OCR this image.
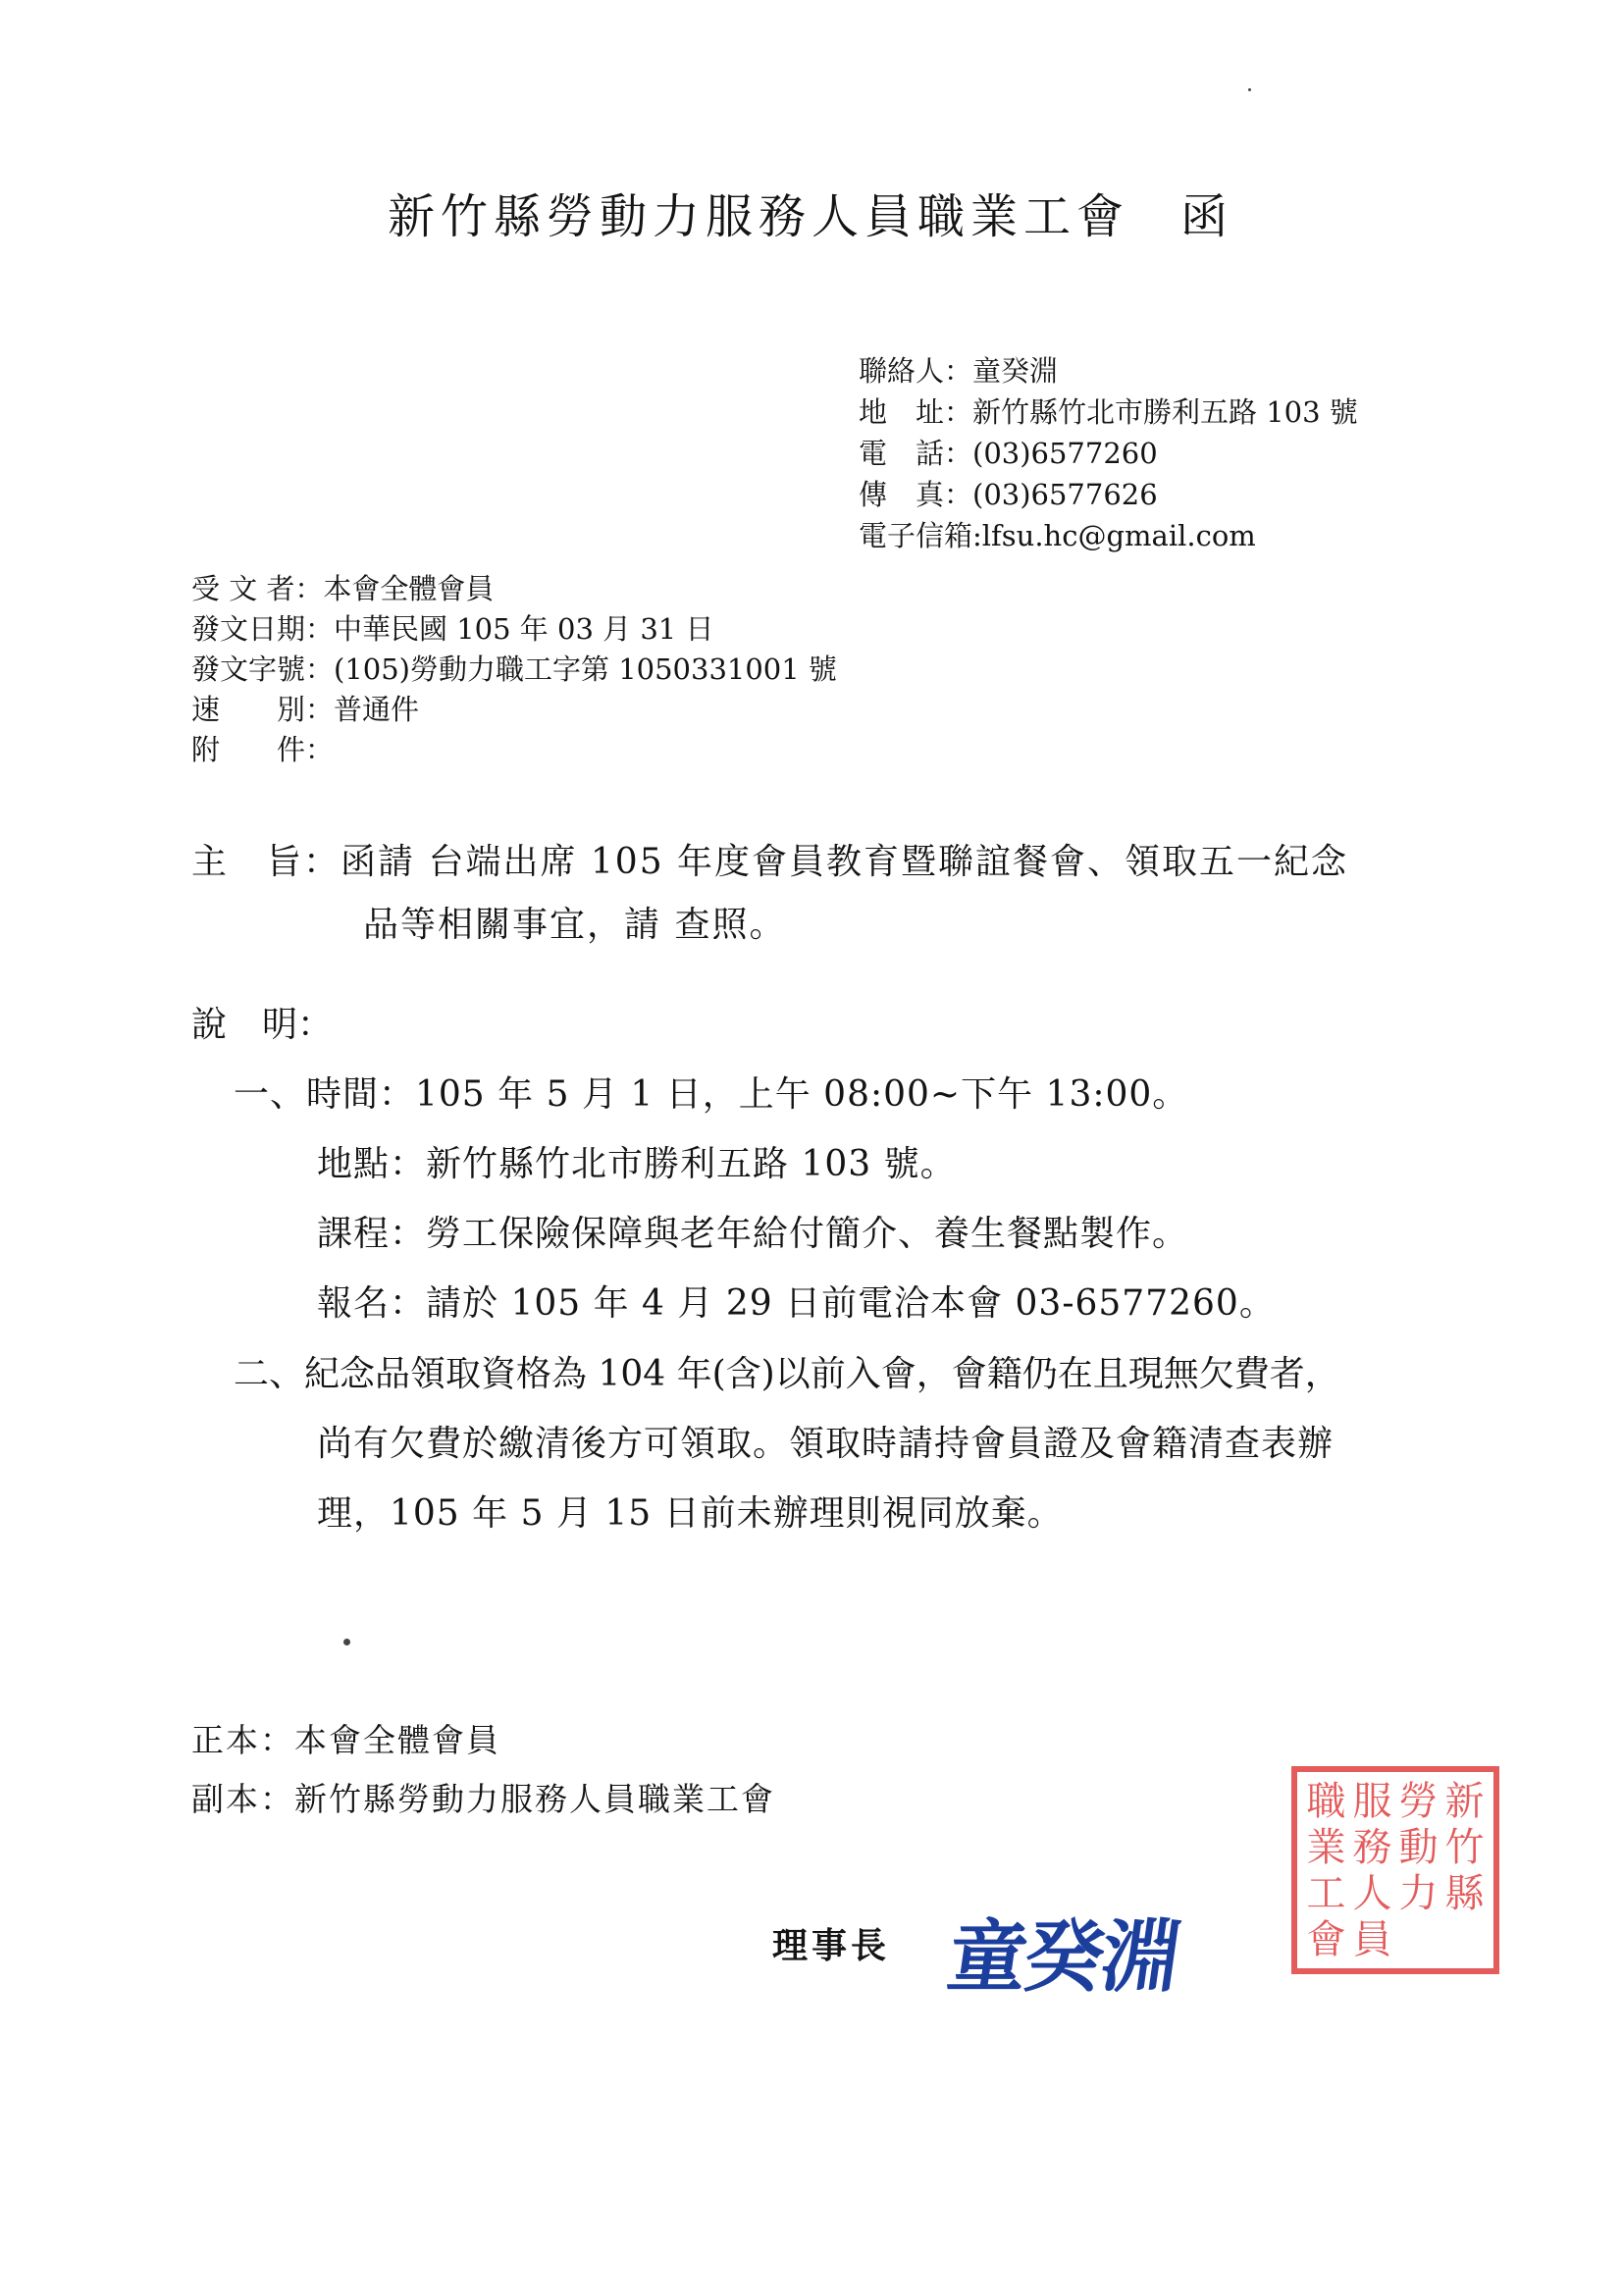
新竹縣勞動力服務人員職業工會 函
聯絡人：童癸淵
地　址：新竹縣竹北市勝利五路 103 號
電　話：(03)6577260
傳　真：(03)6577626
電子信箱:lfsu.hc@gmail.com
受 文 者：本會全體會員
發文日期：中華民國 105 年 03 月 31 日
發文字號：(105)勞動力職工字第 1050331001 號
速　　別：普通件
附　　件：
主　旨：函請 台端出席 105 年度會員教育暨聯誼餐會、領取五一紀念
品等相關事宜，請 查照。
說　明：
一、時間：105 年 5 月 1 日，上午 08:00~下午 13:00。
地點：新竹縣竹北市勝利五路 103 號。
課程：勞工保險保障與老年給付簡介、養生餐點製作。
報名：請於 105 年 4 月 29 日前電洽本會 03-6577260。
二、紀念品領取資格為 104 年(含)以前入會，會籍仍在且現無欠費者，
尚有欠費於繳清後方可領取。領取時請持會員證及會籍清查表辦
理，105 年 5 月 15 日前未辦理則視同放棄。
正本：本會全體會員
副本：新竹縣勞動力服務人員職業工會
理事長 童癸淵
新
竹
縣
勞
動
力
服
務
人
員
職
業
工
會
